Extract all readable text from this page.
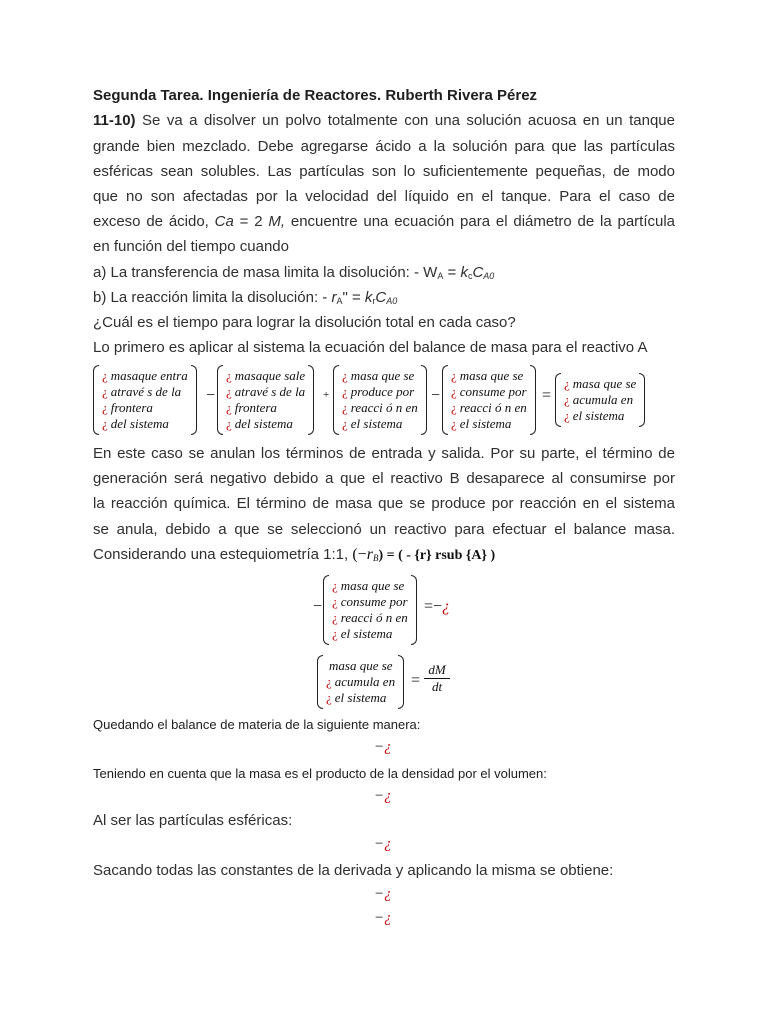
Segunda Tarea. Ingeniería de Reactores. Ruberth Rivera Pérez
11-10) Se va a disolver un polvo totalmente con una solución acuosa en un tanque
grande bien mezclado. Debe agregarse ácido a la solución para que las partículas
esféricas sean solubles. Las partículas son lo suficientemente pequeñas, de modo
que no son afectadas por la velocidad del líquido en el tanque. Para el caso de
exceso de ácido, Ca = 2 M, encuentre una ecuación para el diámetro de la partícula
en función del tiempo cuando
a) La transferencia de masa limita la disolución: - $W_A = k_cC_{A0}$
b) La reacción limita la disolución: - $r_A$" = $k_rC_{A0}$
¿Cuál es el tiempo para lograr la disolución total en cada caso?
Lo primero es aplicar al sistema la ecuación del balance de masa para el reactivo A
¿ masaque entra
¿ atravé s de la
¿ frontera
¿ del sistema
−
¿ masaque sale
¿ atravé s de la
¿ frontera
¿ del sistema
+
¿ masa que se
¿ produce por
¿ reacci ó n en
¿ el sistema
−
¿ masa que se
¿ consume por
¿ reacci ó n en
¿ el sistema
=
¿ masa que se
¿ acumula en
¿ el sistema
En este caso se anulan los términos de entrada y salida. Por su parte, el término de
generación será negativo debido a que el reactivo B desaparece al consumirse por
la reacción química. El término de masa que se produce por reacción en el sistema
se anula, debido a que se seleccionó un reactivo para efectuar el balance masa.
Considerando una estequiometría 1:1, $(-r_B)$ = ( - {r} rsub {A} )
−
¿ masa que se
¿ consume por
¿ reacci ó n en
¿ el sistema
=−¿
masa que se
¿ acumula en
¿ el sistema
= $\frac{dM}{dt}$
Quedando el balance de materia de la siguiente manera:
−¿
Teniendo en cuenta que la masa es el producto de la densidad por el volumen:
−¿
Al ser las partículas esféricas:
−¿
Sacando todas las constantes de la derivada y aplicando la misma se obtiene:
−¿
−¿
